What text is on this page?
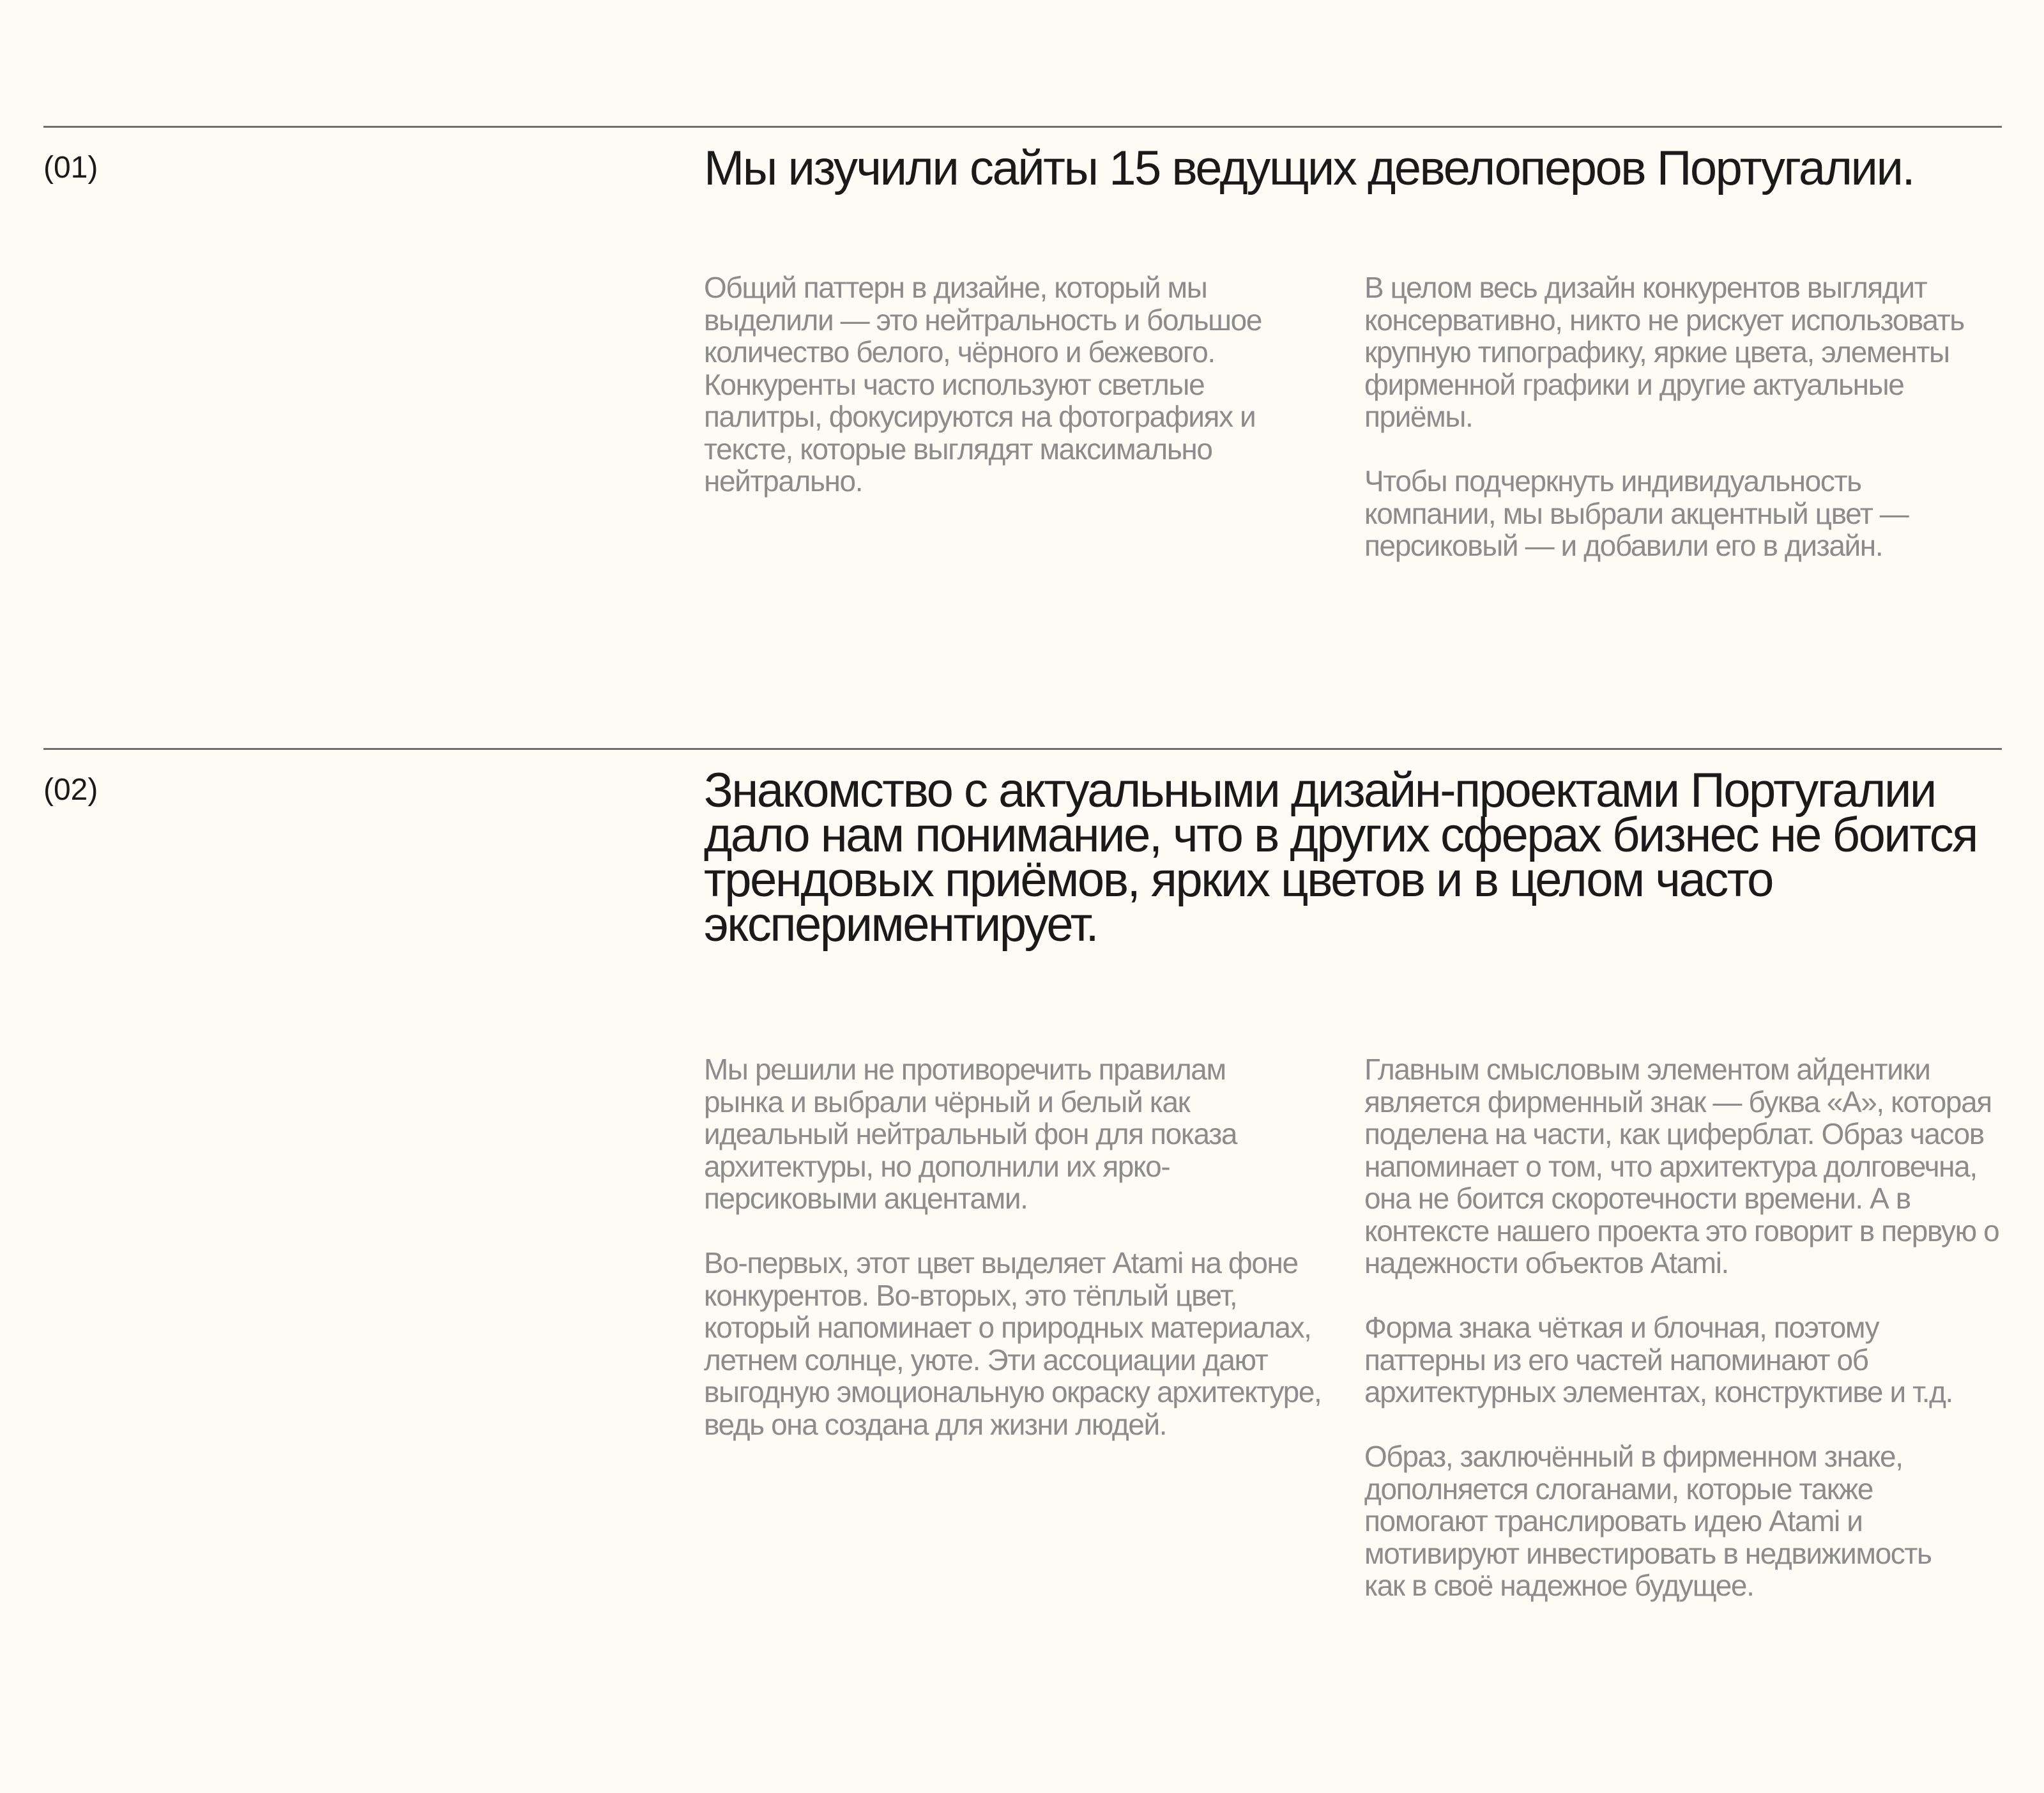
(01)	Мы изучили сайты 15 ведущих девелоперов Португалии.

Общий паттерн в дизайне, который мы выделили — это нейтральность и большое количество белого, чёрного и бежевого. Конкуренты часто используют светлые палитры, фокусируются на фотографиях и тексте, которые выглядят максимально нейтрально.

В целом весь дизайн конкурентов выглядит консервативно, никто не рискует использовать крупную типографику, яркие цвета, элементы фирменной графики и другие актуальные приёмы.

Чтобы подчеркнуть индивидуальность компании, мы выбрали акцентный цвет — персиковый — и добавили его в дизайн.

(02)	Знакомство с актуальными дизайн-проектами Португалии дало нам понимание, что в других сферах бизнес не боится трендовых приёмов, ярких цветов и в целом часто экспериментирует.

Мы решили не противоречить правилам рынка и выбрали чёрный и белый как идеальный нейтральный фон для показа архитектуры, но дополнили их ярко-персиковыми акцентами.

Во-первых, этот цвет выделяет Atami на фоне конкурентов. Во-вторых, это тёплый цвет, который напоминает о природных материалах, летнем солнце, уюте. Эти ассоциации дают выгодную эмоциональную окраску архитектуре, ведь она создана для жизни людей.

Главным смысловым элементом айдентики является фирменный знак — буква «А», которая поделена на части, как циферблат. Образ часов напоминает о том, что архитектура долговечна, она не боится скоротечности времени. А в контексте нашего проекта это говорит в первую о надежности объектов Atami.

Форма знака чёткая и блочная, поэтому паттерны из его частей напоминают об архитектурных элементах, конструктиве и т.д.

Образ, заключённый в фирменном знаке, дополняется слоганами, которые также помогают транслировать идею Atami и мотивируют инвестировать в недвижимость как в своё надежное будущее.
